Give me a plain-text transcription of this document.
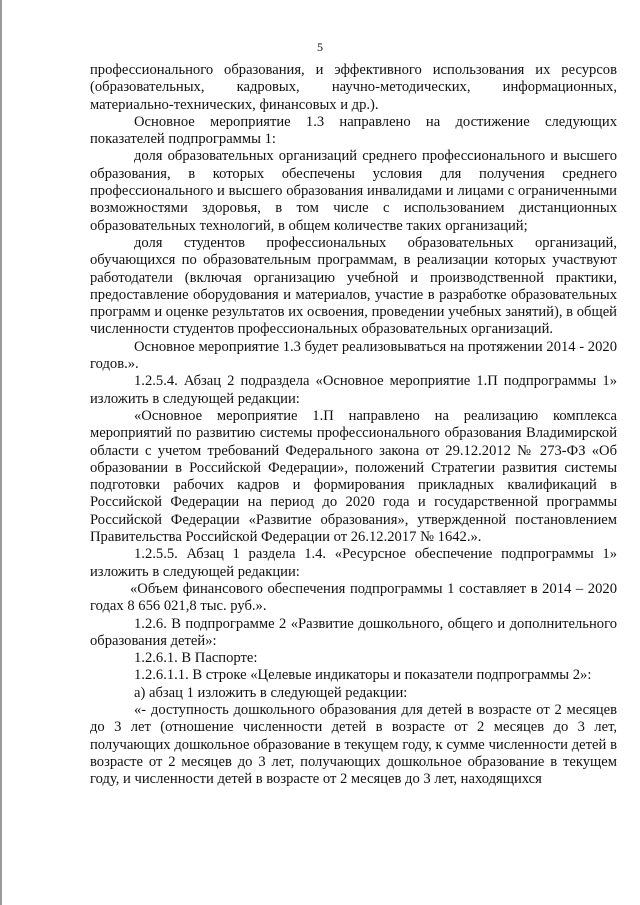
5

профессионального образования, и эффективного использования их ресурсов (образовательных, кадровых, научно-методических, информационных, материально-технических, финансовых и др.).

Основное мероприятие 1.3 направлено на достижение следующих показателей подпрограммы 1:

доля образовательных организаций среднего профессионального и высшего образования, в которых обеспечены условия для получения среднего профессионального и высшего образования инвалидами и лицами с ограниченными возможностями здоровья, в том числе с использованием дистанционных образовательных технологий, в общем количестве таких организаций;

доля студентов профессиональных образовательных организаций, обучающихся по образовательным программам, в реализации которых участвуют работодатели (включая организацию учебной и производственной практики, предоставление оборудования и материалов, участие в разработке образовательных программ и оценке результатов их освоения, проведении учебных занятий), в общей численности студентов профессиональных образовательных организаций.

Основное мероприятие 1.3 будет реализовываться на протяжении 2014 - 2020 годов.».

1.2.5.4. Абзац 2 подраздела «Основное мероприятие 1.П подпрограммы 1» изложить в следующей редакции:

«Основное мероприятие 1.П направлено на реализацию комплекса мероприятий по развитию системы профессионального образования Владимирской области с учетом требований Федерального закона от 29.12.2012 № 273-ФЗ «Об образовании в Российской Федерации», положений Стратегии развития системы подготовки рабочих кадров и формирования прикладных квалификаций в Российской Федерации на период до 2020 года и государственной программы Российской Федерации «Развитие образования», утвержденной постановлением Правительства Российской Федерации от 26.12.2017 № 1642.».

1.2.5.5. Абзац 1 раздела 1.4. «Ресурсное обеспечение подпрограммы 1» изложить в следующей редакции:

«Объем финансового обеспечения подпрограммы 1 составляет в 2014 – 2020 годах 8 656 021,8 тыс. руб.».

1.2.6. В подпрограмме 2 «Развитие дошкольного, общего и дополнительного образования детей»:

1.2.6.1. В Паспорте:

1.2.6.1.1. В строке «Целевые индикаторы и показатели подпрограммы 2»:

а) абзац 1 изложить в следующей редакции:

«- доступность дошкольного образования для детей в возрасте от 2 месяцев до 3 лет (отношение численности детей в возрасте от 2 месяцев до 3 лет, получающих дошкольное образование в текущем году, к сумме численности детей в возрасте от 2 месяцев до 3 лет, получающих дошкольное образование в текущем году, и численности детей в возрасте от 2 месяцев до 3 лет, находящихся
